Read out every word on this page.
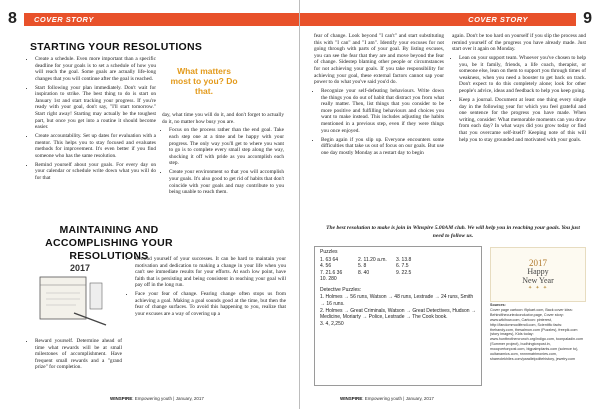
8	COVER STORY
STARTING YOUR RESOLUTIONS
• Create a schedule. Even more important than a specific deadline for your goals is to set a schedule of how you will reach the goal. Some goals are actually life-long changes that you will continue after the goal is reached.
• Start following your plan immediately. Don't wait for inspiration to strike. The best thing to do is start on January 1st and start tracking your progress. If you're ready with your goal, don't say, "I'll start tomorrow." Start right away! Starting may actually be the toughest part, but once you get into a routine it should become easier.
• Create accountability. Set up dates for evaluation with a mentor. This helps you to stay focused and evaluates methods for improvement. It's even better if you find someone who has the same resolution.
• Remind yourself about your goals. For every day on your calendar or schedule write down what you will do for that
What matters most to you? Do that.

day, what time you will do it, and don't forget to actually do it, no matter how busy you are.

• Focus on the process rather than the end goal. Take each step one at a time and be happy with your progress. The only way you'll get to where you want to go is to complete every small step along the way, shocking it off with pride as you accomplish each step.
• Create your environment so that you will accomplish your goals. It's also good to get rid of habits that don't coincide with your goals and may contribute to you being unable to reach them.
MAINTAINING AND ACCOMPLISHING YOUR RESOLUTIONS
2017
• Reward yourself. Determine ahead of time what rewards will be at small milestones of accomplishment. Have frequent small rewards and a "grand prize" for completion.
• Remind yourself of your successes. It can be hard to maintain your motivation and dedication to making a change in your life when you can't see immediate results for your efforts. At each low point, have faith that is persisting and being consistent in reaching your goal will pay off in the long run.
• Face your fear of change. Fearing change often stops us from achieving a goal. Making a goal sounds good at the time, but then the fear of change surfaces. To avoid this happening to you, realize that your excuses are a way of covering up a
WINSPIRE: Empowering youth | January, 2017
9
COVER STORY

fear of change. Look beyond "I can't" and start substituting this with "I can" and "I am". Identify your excuses for not going through with parts of your goal. By listing excuses, you can see the fear that they are and move beyond the fear of change. Sidestep blaming other people or circumstances for not achieving your goals. If you take responsibility for achieving your goal, these external factors cannot sap your power to do what you've said you'd do.

• Recognize your self-defeating behaviours. Write down the things you do out of habit that distract you from what really matter. Then, list things that you consider to be more positive and fulfilling behaviours and choices you want to make instead. This includes adjusting the habits mentioned in a previous step, even if they were things you once enjoyed.
• Begin again if you slip up. Everyone encounters some difficulties that take us out of focus on our goals. But use one day mostly Monday as a restart day to begin

again. Don't be too hard on yourself if you slip the process and remind yourself of the progress you have already made. Just start over it again on Monday.

• Lean on your support team. Whoever you've chosen to help you, be it family, friends, a life coach, therapist, or someone else, lean on them to support you through times of weakness, when you need a booster to get back on track. Don't expect to do this completely alone; look for other people's advice, ideas and feedback to help you keep going.
• Keep a journal. Document at least one thing every single day in the following year for which you feel grateful and one sentence for the progress you have made. When writing, consider: What memorable moments can you draw from each day? In what ways did you grow today or find that you overcame self-itself? Keeping note of this will help you to stay grounded and motivated with your goals.
The best resolution to make is join in Winspire 5.00AM club. We will help you in reaching your goals. You just need to follow us.
Puzzles
1. 63 64	2. 11.20 a.m.	3. 13.8
4. 56	5. 8	6. 7.5
7. 21.6 36	8. 40	9. 22.5
10. 280

Detective Puzzles:

1. Holmes → 56 runs, Watson → 48 runs, Lestrade → 24 runs, Smith → 16 runs.

2. Holmes → Great Criminals, Watson → Great Detectives, Hudson → Medicine, Moriarty → Police, Lestrade → The Cook book.

3. 4, 2,250

2017
Happy
New Year
✦ ✦ ✦
Sources:
Cover page cartoon: flipkart.com, Back cover idea: Behindthecuriedconductor.page, Cover story: www.wikihow.com, Cartoon: pinterest, http://fandommodifendi.com, Scientific facts: thehandy.com, thesalmon.com (Puzzles), freepik.com (story images), Kids today: www.huntbrothercrunch.org/indigo.com, toonpaladin.com (Summer project), budhingtonpost.in, mooqvertonpost.com, bigpalmplants.com (science to), oultanamics.com, nnnnmatrimonies.com, shareolekhiles.com/parallelpolitehistory, jewelry.com
WINSPIRE: Empowering youth | January, 2017
